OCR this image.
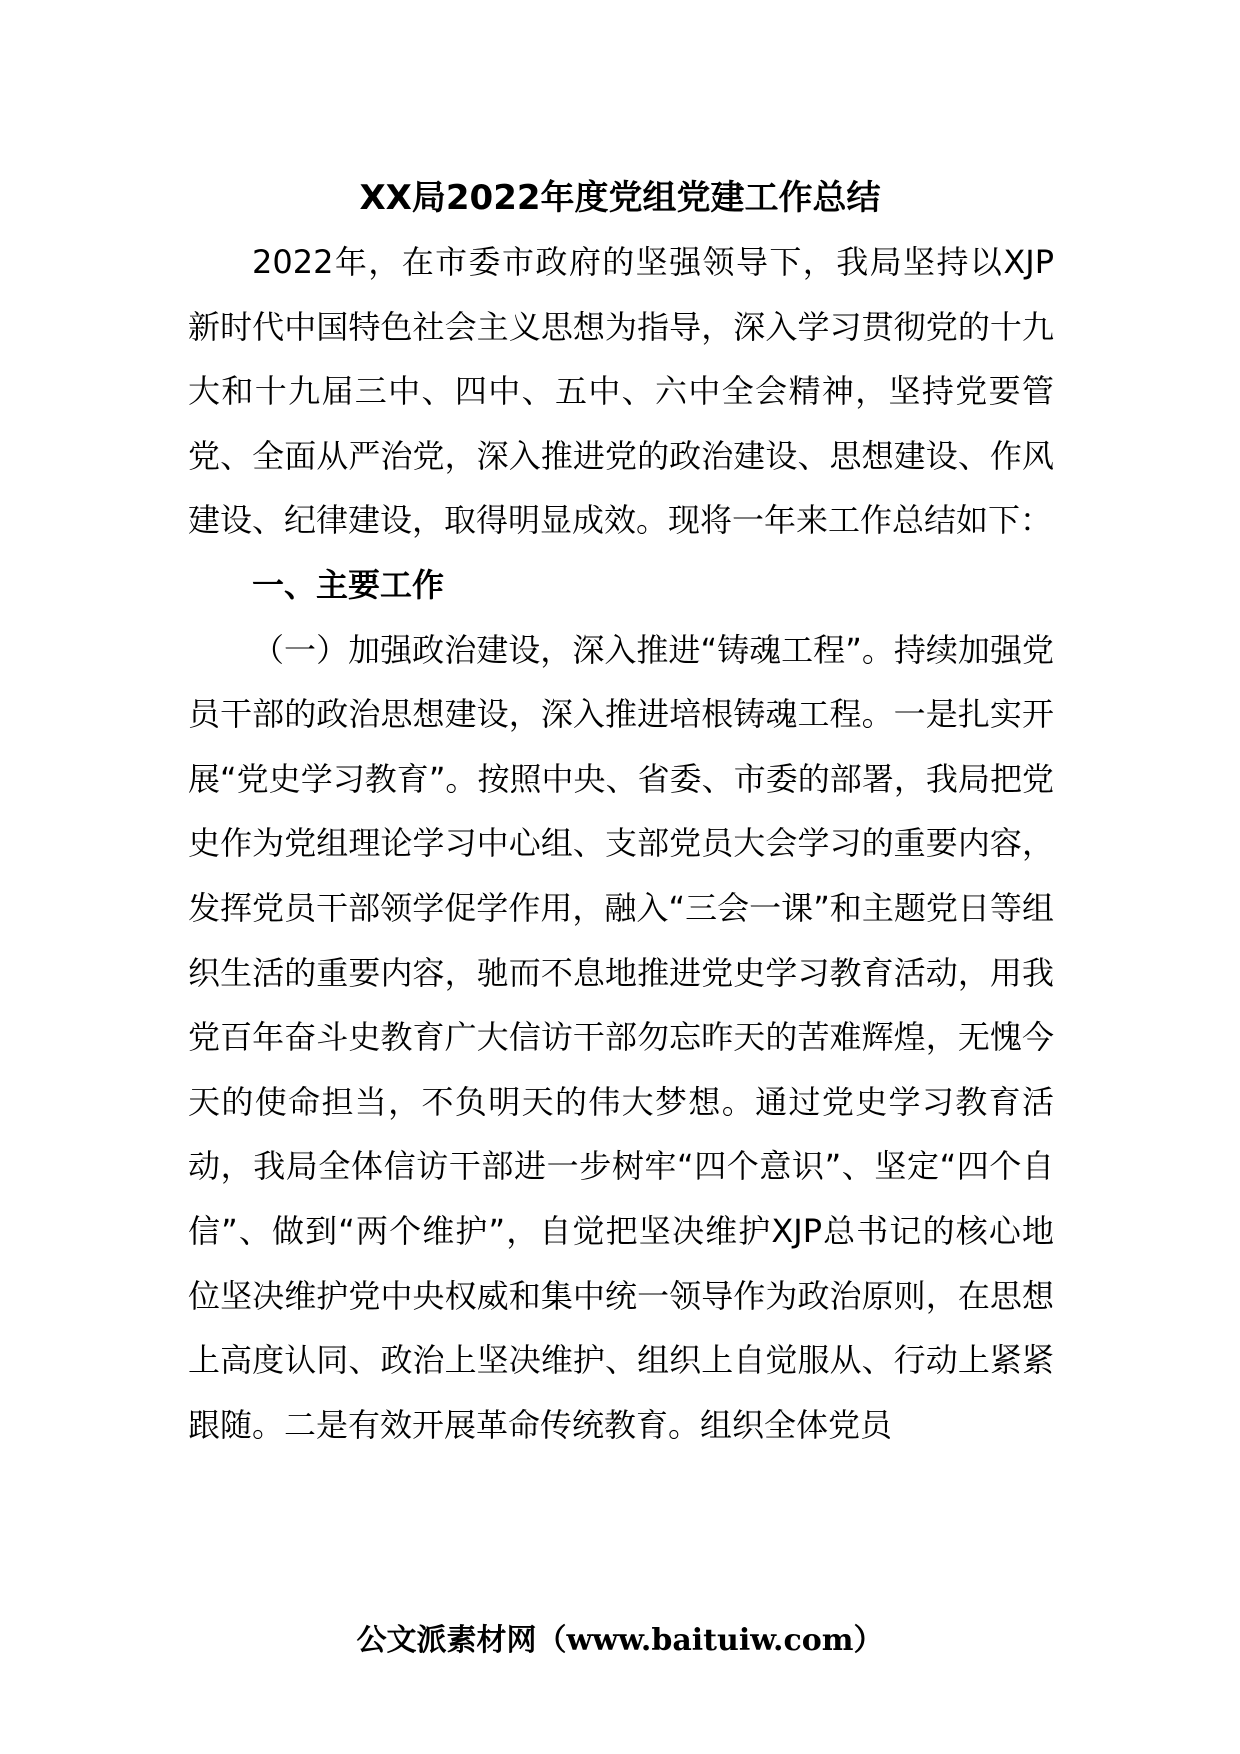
XX局2022年度党组党建工作总结

2022年，在市委市政府的坚强领导下，我局坚持以XJP新时代中国特色社会主义思想为指导，深入学习贯彻党的十九大和十九届三中、四中、五中、六中全会精神，坚持党要管党、全面从严治党，深入推进党的政治建设、思想建设、作风建设、纪律建设，取得明显成效。现将一年来工作总结如下：

一、主要工作

（一）加强政治建设，深入推进“铸魂工程”。持续加强党员干部的政治思想建设，深入推进培根铸魂工程。一是扎实开展“党史学习教育”。按照中央、省委、市委的部署，我局把党史作为党组理论学习中心组、支部党员大会学习的重要内容，发挥党员干部领学促学作用，融入“三会一课”和主题党日等组织生活的重要内容，驰而不息地推进党史学习教育活动，用我党百年奋斗史教育广大信访干部勿忘昨天的苦难辉煌，无愧今天的使命担当，不负明天的伟大梦想。通过党史学习教育活动，我局全体信访干部进一步树牢“四个意识”、坚定“四个自信”、做到“两个维护”，自觉把坚决维护XJP总书记的核心地位坚决维护党中央权威和集中统一领导作为政治原则，在思想上高度认同、政治上坚决维护、组织上自觉服从、行动上紧紧跟随。二是有效开展革命传统教育。组织全体党员

公文派素材网（www.baituiw.com）
